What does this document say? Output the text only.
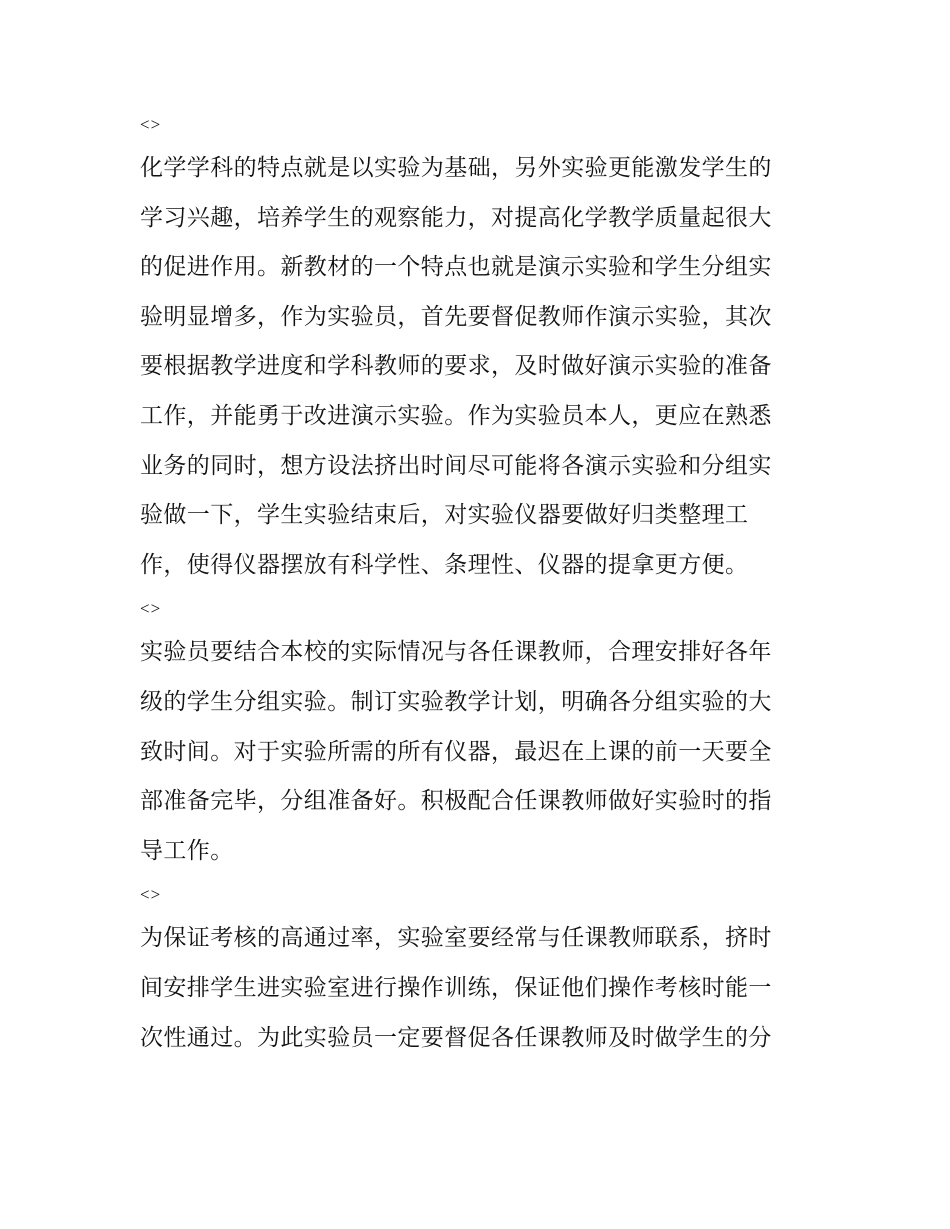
<>
化学学科的特点就是以实验为基础，另外实验更能激发学生的
学习兴趣，培养学生的观察能力，对提高化学教学质量起很大
的促进作用。新教材的一个特点也就是演示实验和学生分组实
验明显增多，作为实验员，首先要督促教师作演示实验，其次
要根据教学进度和学科教师的要求，及时做好演示实验的准备
工作，并能勇于改进演示实验。作为实验员本人，更应在熟悉
业务的同时，想方设法挤出时间尽可能将各演示实验和分组实
验做一下，学生实验结束后，对实验仪器要做好归类整理工
作，使得仪器摆放有科学性、条理性、仪器的提拿更方便。
<>
实验员要结合本校的实际情况与各任课教师，合理安排好各年
级的学生分组实验。制订实验教学计划，明确各分组实验的大
致时间。对于实验所需的所有仪器，最迟在上课的前一天要全
部准备完毕，分组准备好。积极配合任课教师做好实验时的指
导工作。
<>
为保证考核的高通过率，实验室要经常与任课教师联系，挤时
间安排学生进实验室进行操作训练，保证他们操作考核时能一
次性通过。为此实验员一定要督促各任课教师及时做学生的分
